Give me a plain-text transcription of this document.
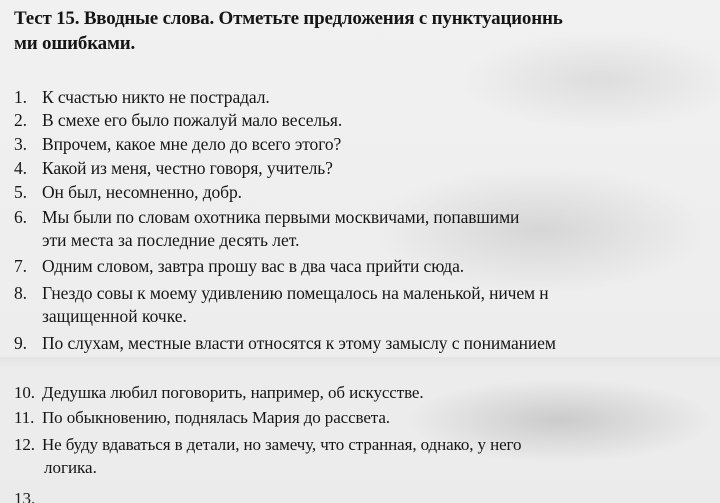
Тест 15. Вводные слова. Отметьте предложения с пунктуационнь
ми ошибками.
1. К счастью никто не пострадал.
2. В смехе его было пожалуй мало веселья.
3. Впрочем, какое мне дело до всего этого?
4. Какой из меня, честно говоря, учитель?
5. Он был, несомненно, добр.
6. Мы были по словам охотника первыми москвичами, попавшими
эти места за последние десять лет.
7. Одним словом, завтра прошу вас в два часа прийти сюда.
8. Гнездо совы к моему удивлению помещалось на маленькой, ничем н
защищенной кочке.
9. По слухам, местные власти относятся к этому замыслу с пониманием
10. Дедушка любил поговорить, например, об искусстве.
11. По обыкновению, поднялась Мария до рассвета.
12. Не буду вдаваться в детали, но замечу, что странная, однако, у него
логика.
13.
